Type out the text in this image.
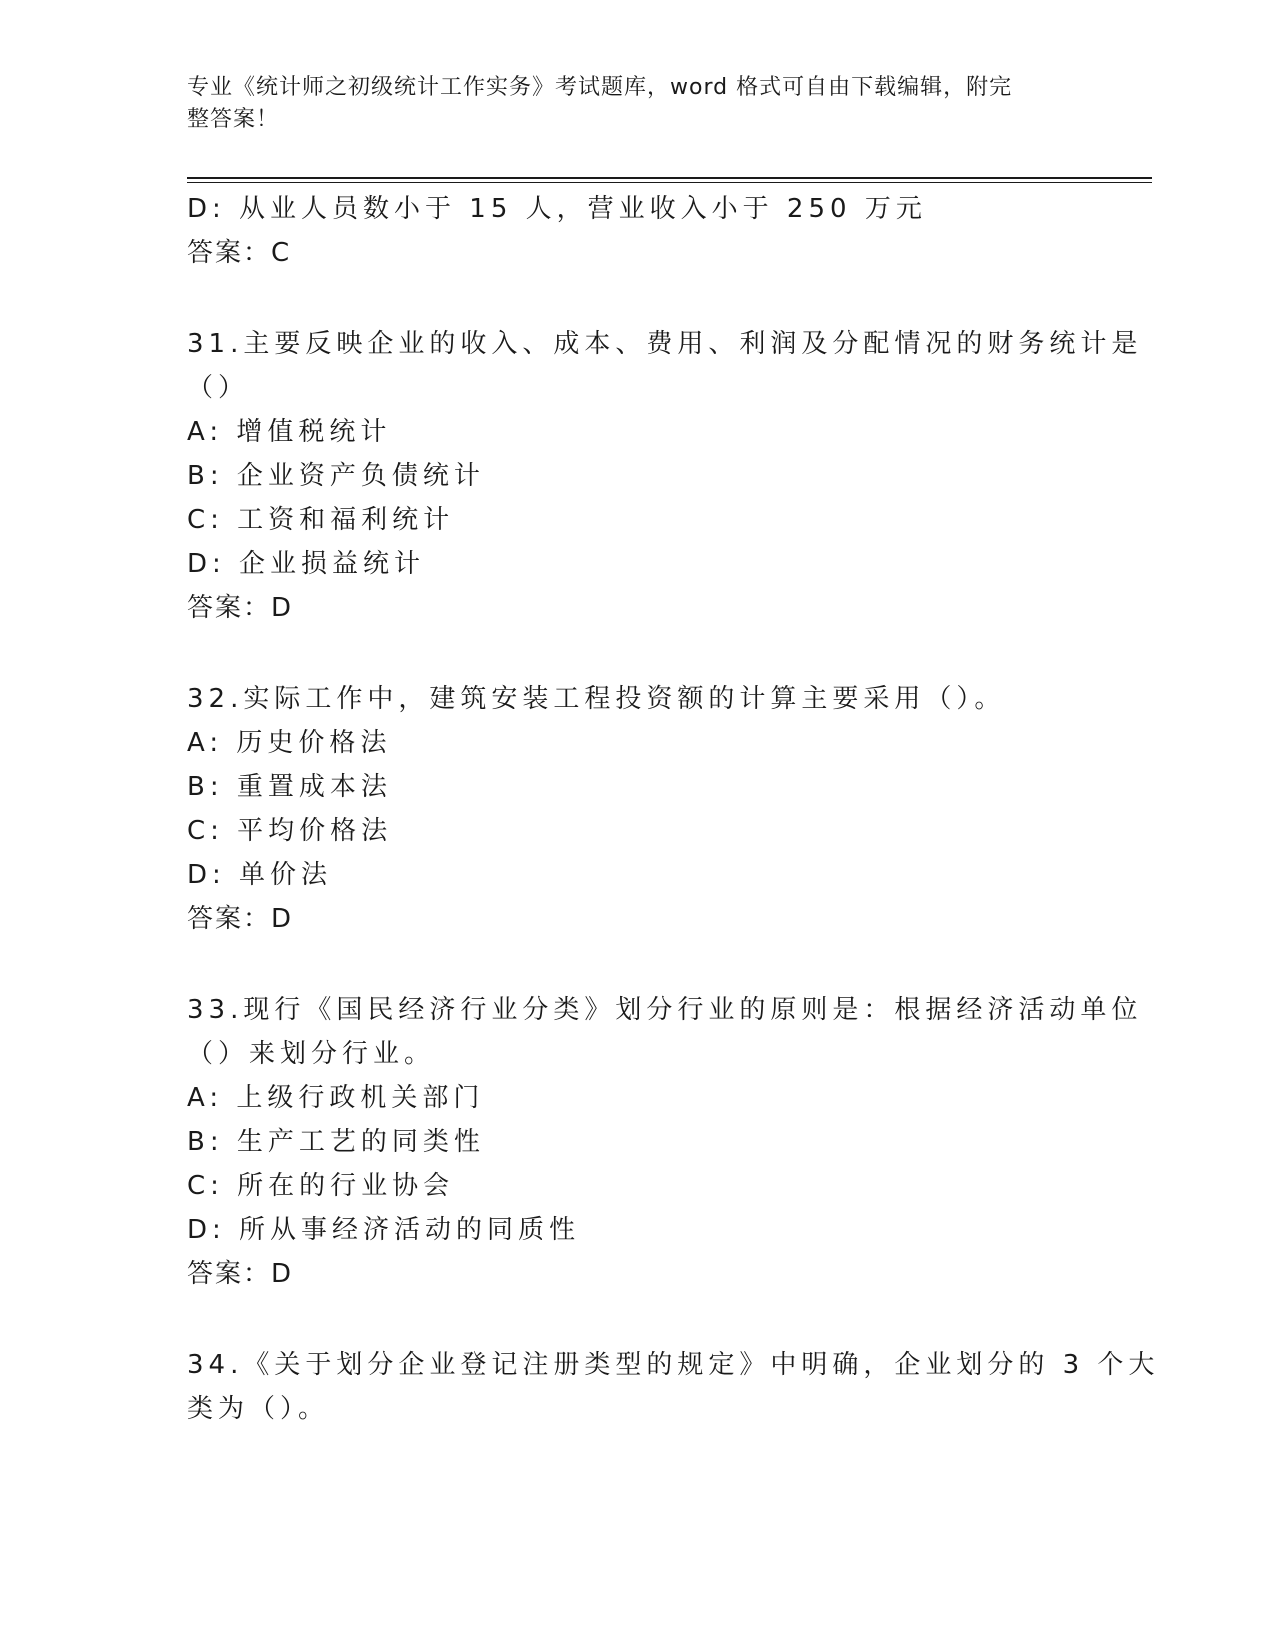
专业《统计师之初级统计工作实务》考试题库，word 格式可自由下载编辑，附完
整答案！
D: 从业人员数小于 15 人，营业收入小于 250 万元
答案：C
31.主要反映企业的收入、成本、费用、利润及分配情况的财务统计是
（）
A: 增值税统计
B: 企业资产负债统计
C: 工资和福利统计
D: 企业损益统计
答案：D
32.实际工作中，建筑安装工程投资额的计算主要采用（）。
A: 历史价格法
B: 重置成本法
C: 平均价格法
D: 单价法
答案：D
33.现行《国民经济行业分类》划分行业的原则是：根据经济活动单位
（）来划分行业。
A: 上级行政机关部门
B: 生产工艺的同类性
C: 所在的行业协会
D: 所从事经济活动的同质性
答案：D
34.《关于划分企业登记注册类型的规定》中明确，企业划分的 3 个大
类为（）。
